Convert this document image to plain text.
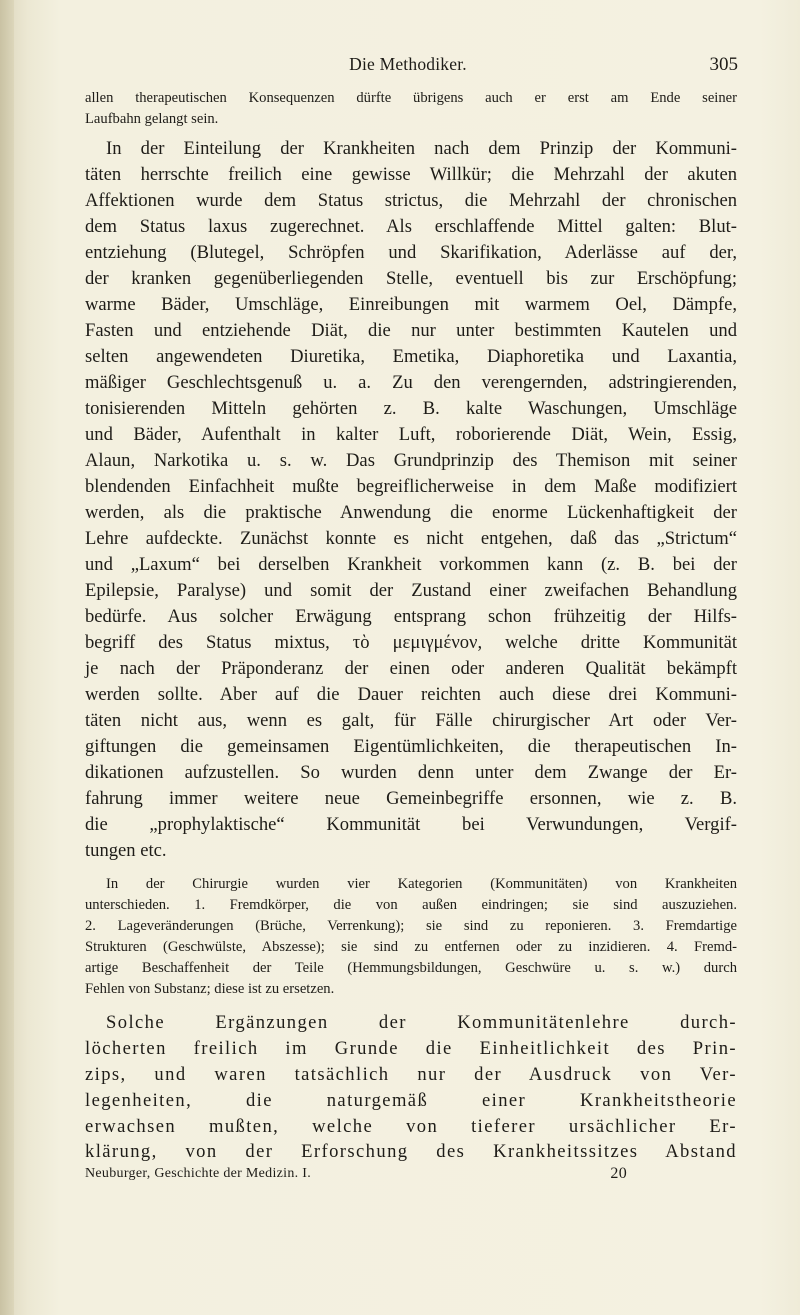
Die Methodiker.	305
allen therapeutischen Konsequenzen dürfte übrigens auch er erst am Ende seiner
Laufbahn gelangt sein.
In der Einteilung der Krankheiten nach dem Prinzip der Kommuni-
täten herrschte freilich eine gewisse Willkür; die Mehrzahl der akuten
Affektionen wurde dem Status strictus, die Mehrzahl der chronischen
dem Status laxus zugerechnet. Als erschlaffende Mittel galten: Blut-
entziehung (Blutegel, Schröpfen und Skarifikation, Aderlässe auf der,
der kranken gegenüberliegenden Stelle, eventuell bis zur Erschöpfung;
warme Bäder, Umschläge, Einreibungen mit warmem Oel, Dämpfe,
Fasten und entziehende Diät, die nur unter bestimmten Kautelen und
selten angewendeten Diuretika, Emetika, Diaphoretika und Laxantia,
mäßiger Geschlechtsgenuß u. a. Zu den verengernden, adstringierenden,
tonisierenden Mitteln gehörten z. B. kalte Waschungen, Umschläge
und Bäder, Aufenthalt in kalter Luft, roborierende Diät, Wein, Essig,
Alaun, Narkotika u. s. w. Das Grundprinzip des Themison mit seiner
blendenden Einfachheit mußte begreiflicherweise in dem Maße modifiziert
werden, als die praktische Anwendung die enorme Lückenhaftigkeit der
Lehre aufdeckte. Zunächst konnte es nicht entgehen, daß das „Strictum“
und „Laxum“ bei derselben Krankheit vorkommen kann (z. B. bei der
Epilepsie, Paralyse) und somit der Zustand einer zweifachen Behandlung
bedürfe. Aus solcher Erwägung entsprang schon frühzeitig der Hilfs-
begriff des Status mixtus, τὸ μεμιγμένον, welche dritte Kommunität
je nach der Präponderanz der einen oder anderen Qualität bekämpft
werden sollte. Aber auf die Dauer reichten auch diese drei Kommuni-
täten nicht aus, wenn es galt, für Fälle chirurgischer Art oder Ver-
giftungen die gemeinsamen Eigentümlichkeiten, die therapeutischen In-
dikationen aufzustellen. So wurden denn unter dem Zwange der Er-
fahrung immer weitere neue Gemeinbegriffe ersonnen, wie z. B.
die „prophylaktische“ Kommunität bei Verwundungen, Vergif-
tungen etc.
In der Chirurgie wurden vier Kategorien (Kommunitäten) von Krankheiten
unterschieden. 1. Fremdkörper, die von außen eindringen; sie sind auszuziehen.
2. Lageveränderungen (Brüche, Verrenkung); sie sind zu reponieren. 3. Fremdartige
Strukturen (Geschwülste, Abszesse); sie sind zu entfernen oder zu inzidieren. 4. Fremd-
artige Beschaffenheit der Teile (Hemmungsbildungen, Geschwüre u. s. w.) durch
Fehlen von Substanz; diese ist zu ersetzen.
Solche Ergänzungen der Kommunitätenlehre durch-
löcherten freilich im Grunde die Einheitlichkeit des Prin-
zips, und waren tatsächlich nur der Ausdruck von Ver-
legenheiten, die naturgemäß einer Krankheitstheorie
erwachsen mußten, welche von tieferer ursächlicher Er-
klärung, von der Erforschung des Krankheitssitzes Abstand
Neuburger, Geschichte der Medizin. I.	20
